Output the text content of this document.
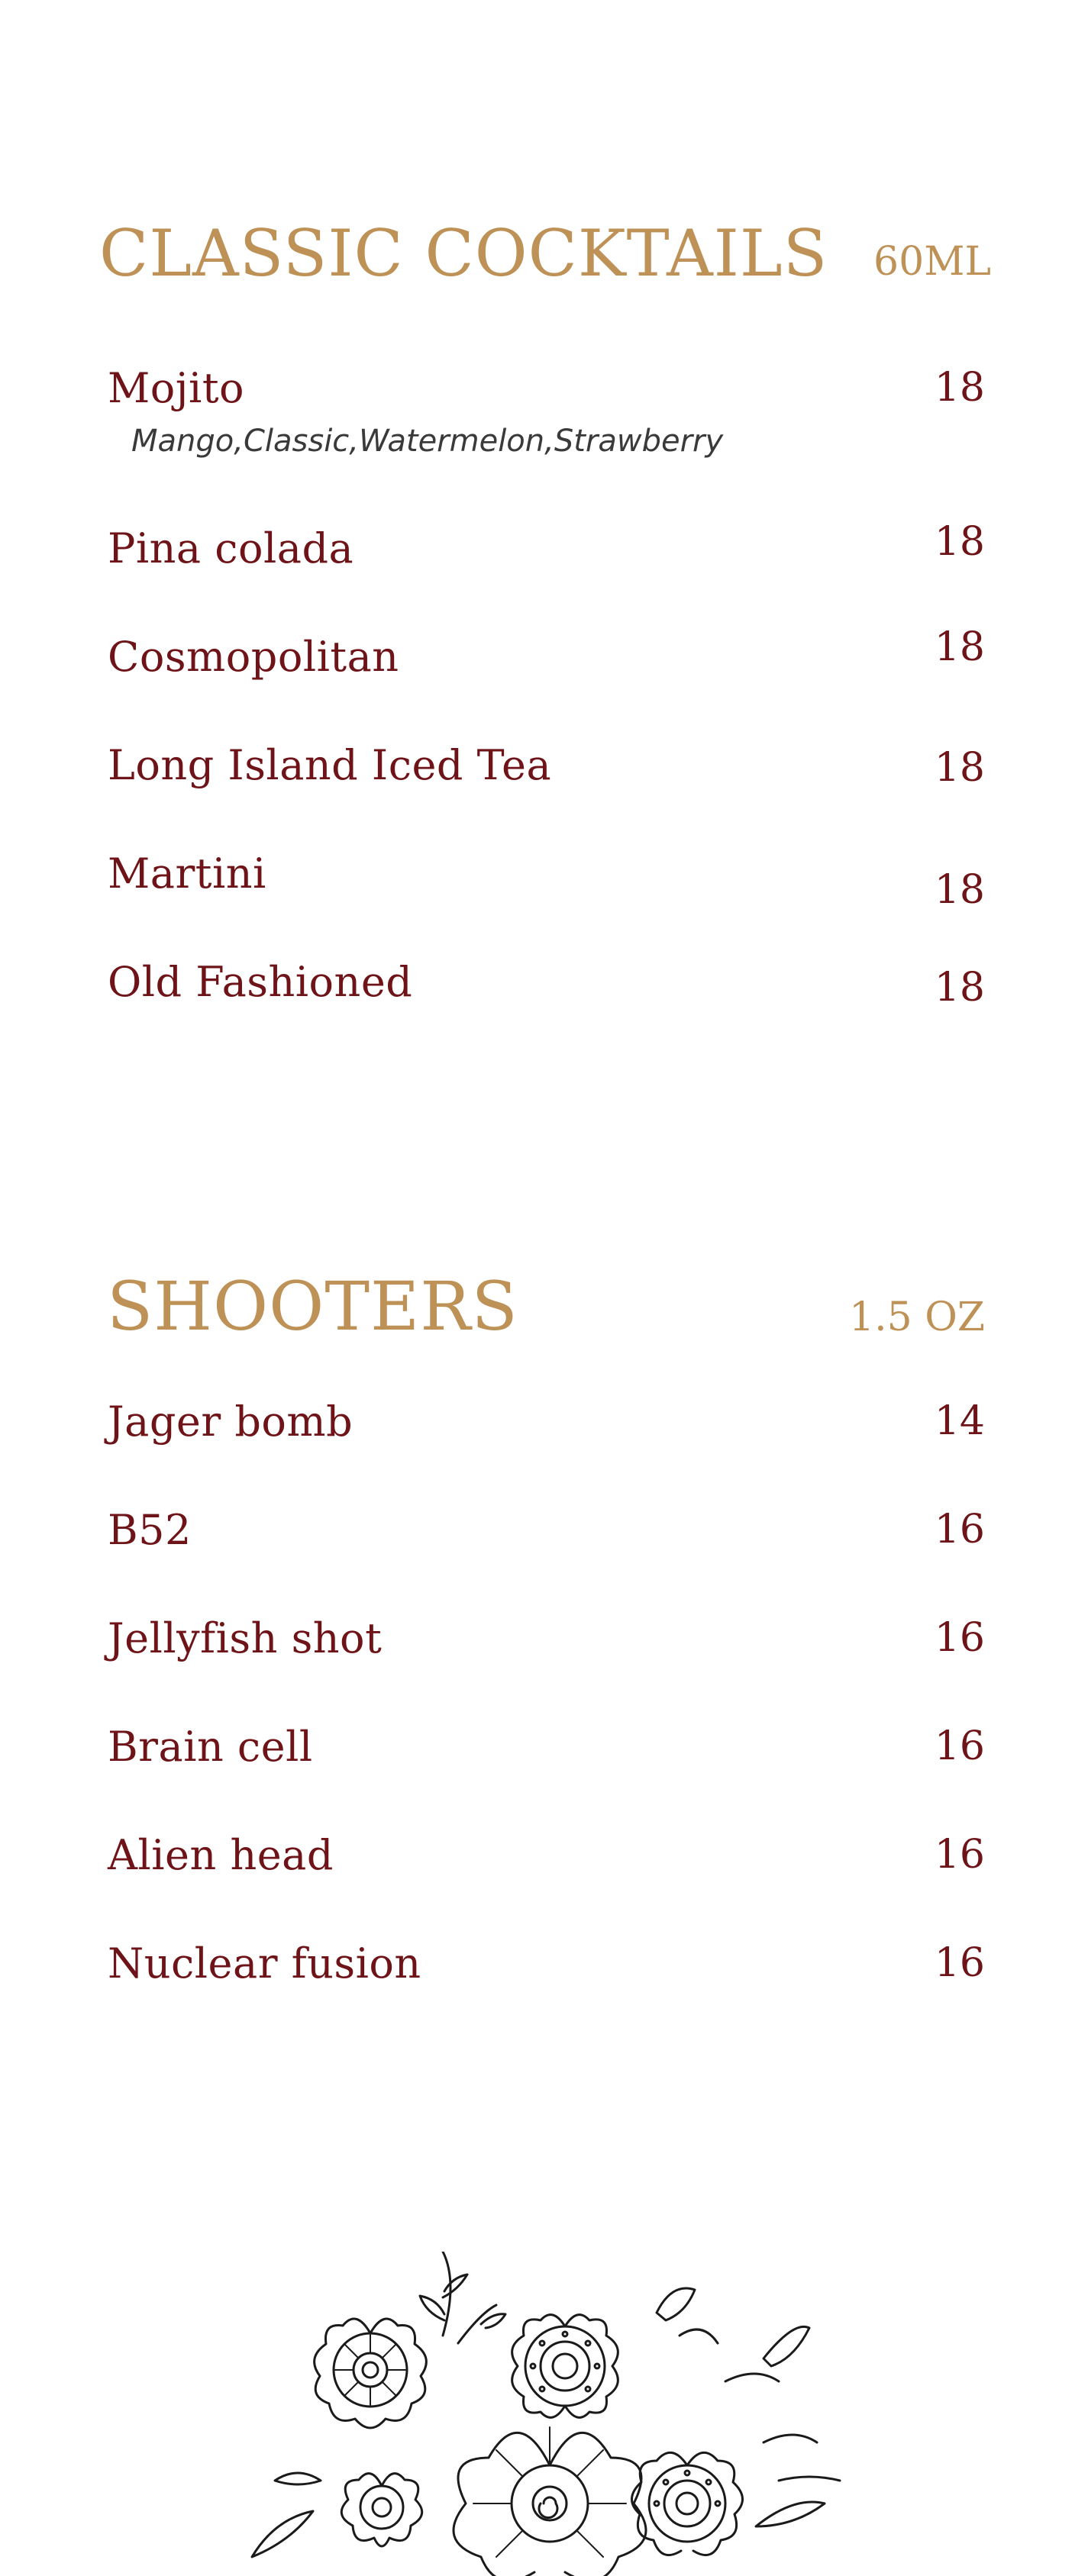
CLASSIC COCKTAILS 60ML
Mojito	18
Mango,Classic,Watermelon,Strawberry
Pina colada	18
Cosmopolitan	18
Long Island Iced Tea	18
Martini	18
Old Fashioned	18
SHOOTERS	1.5 OZ
Jager bomb	14
B52	16
Jellyfish shot	16
Brain cell	16
Alien head	16
Nuclear fusion	16
